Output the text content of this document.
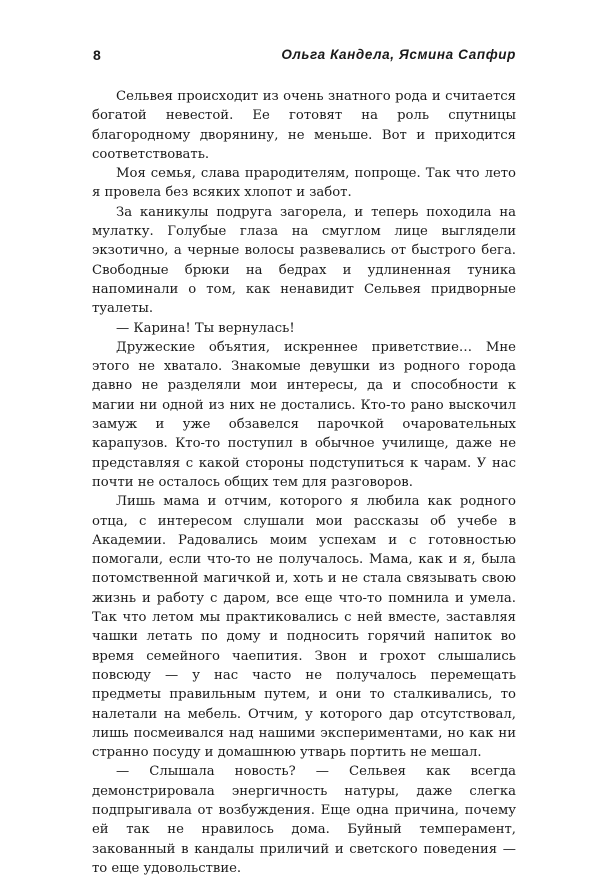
8	Ольга Кандела, Ясмина Сапфир

Сельвея происходит из очень знатного рода и считается богатой невестой. Ее готовят на роль спутницы благородному дворянину, не меньше. Вот и приходится соответствовать.

Моя семья, слава прародителям, попроще. Так что лето я провела без всяких хлопот и забот.

За каникулы подруга загорела, и теперь походила на мулатку. Голубые глаза на смуглом лице выглядели экзотично, а черные волосы развевались от быстрого бега. Свободные брюки на бедрах и удлиненная туника напоминали о том, как ненавидит Сельвея придворные туалеты.

— Карина! Ты вернулась!

Дружеские объятия, искреннее приветствие… Мне этого не хватало. Знакомые девушки из родного города давно не разделяли мои интересы, да и способности к магии ни одной из них не достались. Кто-то рано выскочил замуж и уже обзавелся парочкой очаровательных карапузов. Кто-то поступил в обычное училище, даже не представляя с какой стороны подступиться к чарам. У нас почти не осталось общих тем для разговоров.

Лишь мама и отчим, которого я любила как родного отца, с интересом слушали мои рассказы об учебе в Академии. Радовались моим успехам и с готовностью помогали, если что-то не получалось. Мама, как и я, была потомственной магичкой и, хоть и не стала связывать свою жизнь и работу с даром, все еще что-то помнила и умела. Так что летом мы практиковались с ней вместе, заставляя чашки летать по дому и подносить горячий напиток во время семейного чаепития. Звон и грохот слышались повсюду — у нас часто не получалось перемещать предметы правильным путем, и они то сталкивались, то налетали на мебель. Отчим, у которого дар отсутствовал, лишь посмеивался над нашими экспериментами, но как ни странно посуду и домашнюю утварь портить не мешал.

— Слышала новость? — Сельвея как всегда демонстрировала энергичность натуры, даже слегка подпрыгивала от возбуждения. Еще одна причина, почему ей так не нравилось дома. Буйный темперамент, закованный в кандалы приличий и светского поведения — то еще удовольствие.
